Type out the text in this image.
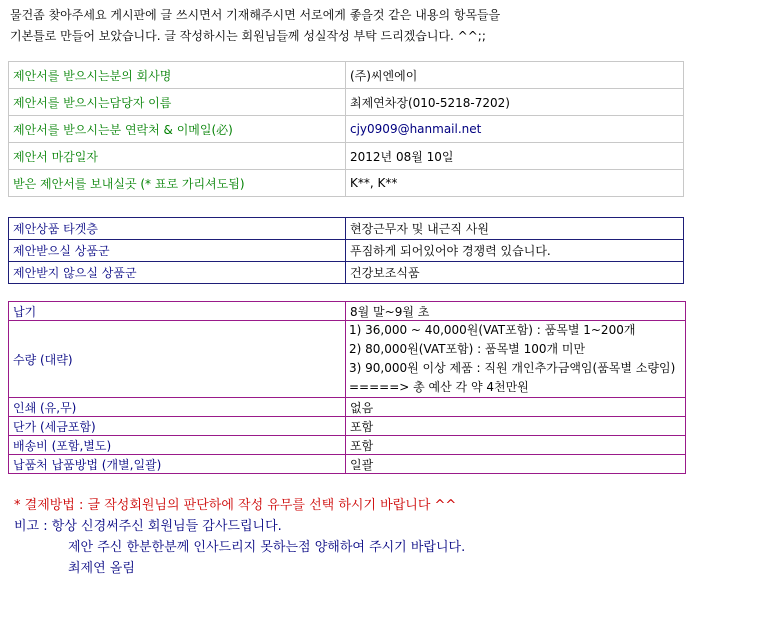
물건좀 찾아주세요 게시판에 글 쓰시면서 기재해주시면 서로에게 좋을것 같은 내용의 항목들을
기본틀로 만들어 보았습니다. 글 작성하시는 회원님들께 성실작성 부탁 드리겠습니다. ^^;;
제안서를 받으시는분의 회사명	(주)씨엔에이
제안서를 받으시는담당자 이름	최제연차장(010-5218-7202)
제안서를 받으시는분 연락처 & 이메일(必)	cjy0909@hanmail.net
제안서 마감일자	2012년 08월 10일
받은 제안서를 보내실곳 (* 표로 가리셔도됨)	K**, K**
제안상품 타겟층	현장근무자 및 내근직 사원
제안받으실 상품군	푸짐하게 되어있어야 경쟁력 있습니다.
제안받지 않으실 상품군	건강보조식품
납기	8월 말~9월 초
수량 (대략)	1) 36,000 ~ 40,000원(VAT포함) : 품목별 1~200개
2) 80,000원(VAT포함) : 품목별 100개 미만
3) 90,000원 이상 제품 : 직원 개인추가금액임(품목별 소량임)
=====> 총 예산 각 약 4천만원

인쇄 (유,무)	없음
단가 (세금포함)	포함
배송비 (포함,별도)	포함
납품처 납품방법 (개별,일괄)	일괄
* 결제방법 : 글 작성회원님의 판단하에 작성 유무를 선택 하시기 바랍니다 ^^
비고 : 항상 신경써주신 회원님들 감사드립니다.
제안 주신 한분한분께 인사드리지 못하는점 양해하여 주시기 바랍니다.
최제연 올림
